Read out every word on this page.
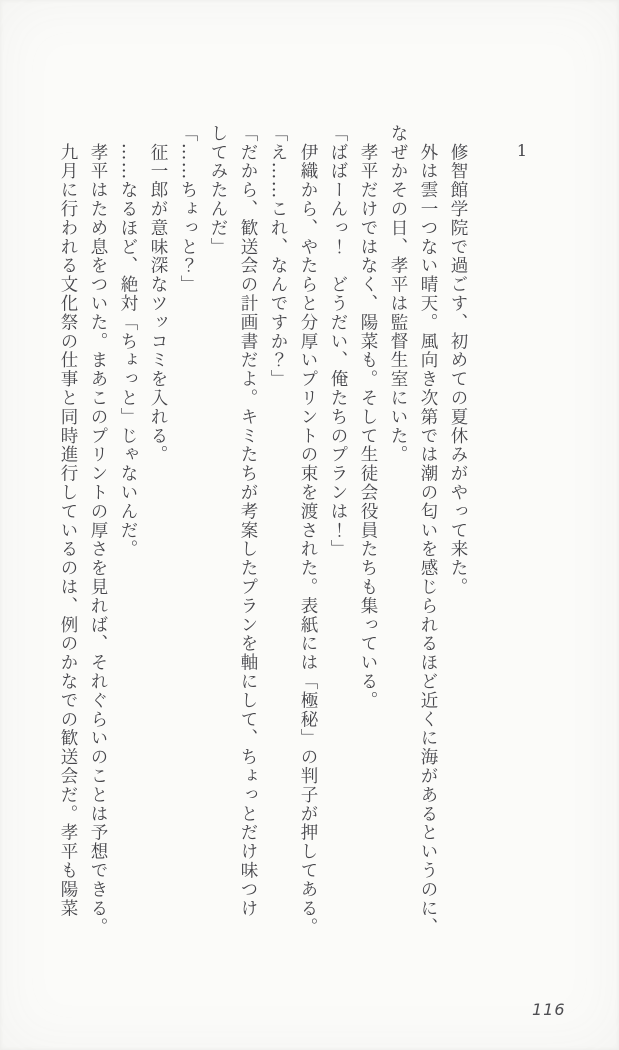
1

　修智館学院で過ごす、初めての夏休みがやって来た。

　外は雲一つない晴天。風向き次第では潮の匂いを感じられるほど近くに海があるというのに、

なぜかその日、孝平は監督生室にいた。

　孝平だけではなく、陽菜も。そして生徒会役員たちも集っている。

「ばばーんっ！　どうだい、俺たちのプランは！」

　伊織から、やたらと分厚いプリントの束を渡された。表紙には「極秘」の判子が押してある。

「え……これ、なんですか？」

「だから、歓送会の計画書だよ。キミたちが考案したプランを軸にして、ちょっとだけ味つけ

してみたんだ」

「……ちょっと？」

　征一郎が意味深なツッコミを入れる。

　……なるほど、絶対「ちょっと」じゃないんだ。

　孝平はため息をついた。まあこのプリントの厚さを見れば、それぐらいのことは予想できる。

　九月に行われる文化祭の仕事と同時進行しているのは、例のかなでの歓送会だ。孝平も陽菜

116
